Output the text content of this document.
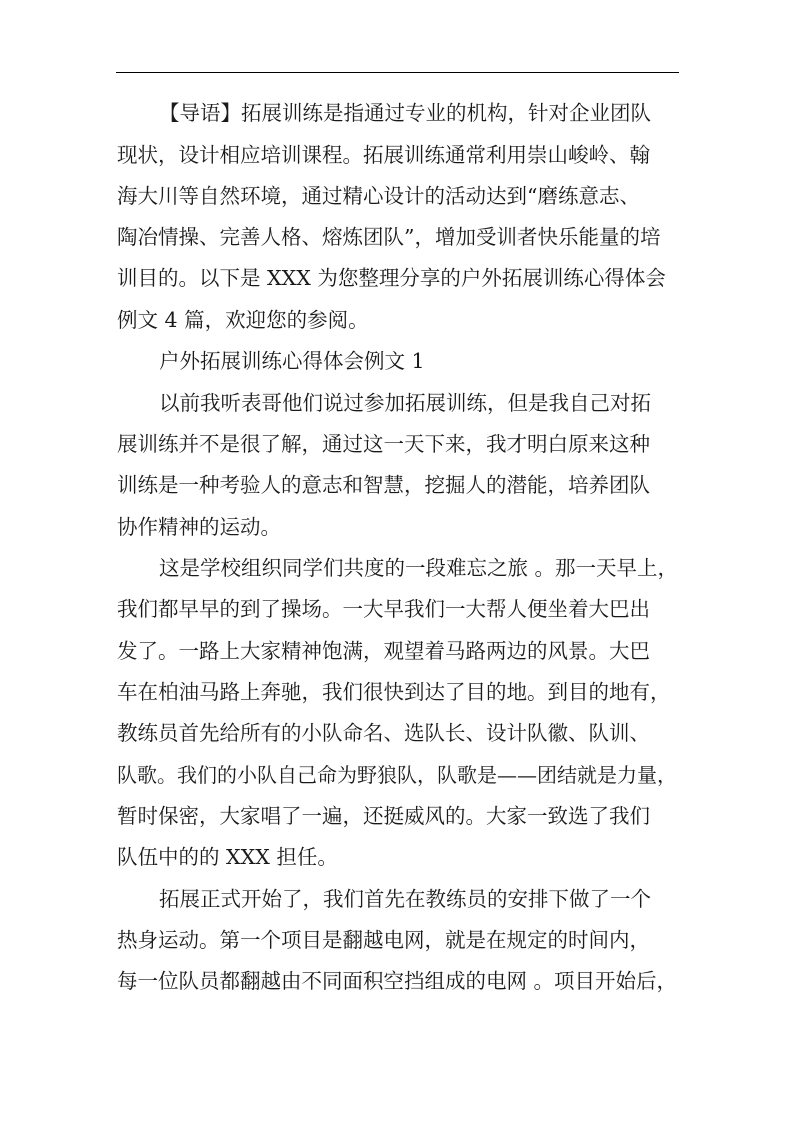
【导语】拓展训练是指通过专业的机构，针对企业团队
现状，设计相应培训课程。拓展训练通常利用崇山峻岭、翰
海大川等自然环境，通过精心设计的活动达到“磨练意志、
陶冶情操、完善人格、熔炼团队”，增加受训者快乐能量的培
训目的。以下是 XXX 为您整理分享的户外拓展训练心得体会
例文 4 篇，欢迎您的参阅。
户外拓展训练心得体会例文 1
以前我听表哥他们说过参加拓展训练，但是我自己对拓
展训练并不是很了解，通过这一天下来，我才明白原来这种
训练是一种考验人的意志和智慧，挖掘人的潜能，培养团队
协作精神的运动。
这是学校组织同学们共度的一段难忘之旅 。那一天早上，
我们都早早的到了操场。一大早我们一大帮人便坐着大巴出
发了。一路上大家精神饱满，观望着马路两边的风景。大巴
车在柏油马路上奔驰，我们很快到达了目的地。到目的地有，
教练员首先给所有的小队命名、选队长、设计队徽、队训、
队歌。我们的小队自己命为野狼队，队歌是——团结就是力量，
暂时保密，大家唱了一遍，还挺威风的。大家一致选了我们
队伍中的的 XXX 担任。
拓展正式开始了，我们首先在教练员的安排下做了一个
热身运动。第一个项目是翻越电网，就是在规定的时间内，
每一位队员都翻越由不同面积空挡组成的电网 。项目开始后，
